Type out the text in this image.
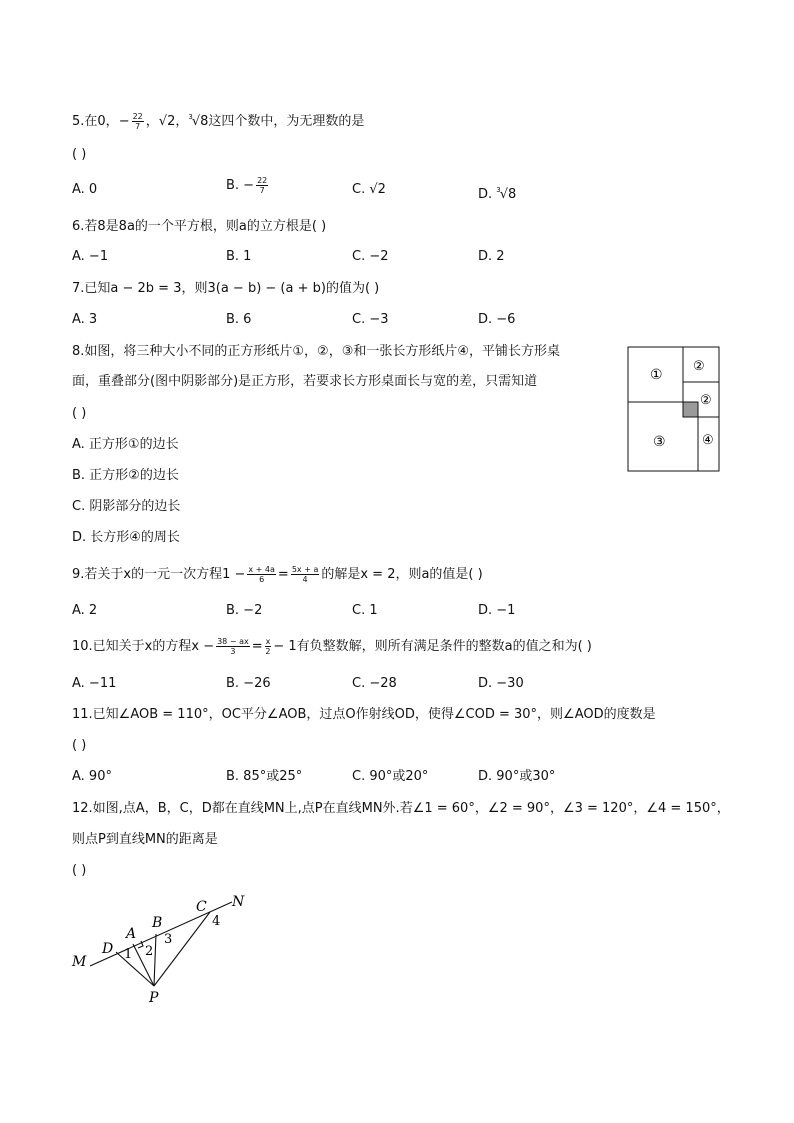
5.在0，− $\frac{22}{7}$ ，√2，$^3$√8这四个数中，为无理数的是
( )
A. 0	B. − $\frac{22}{7}$	C. √2	D. $^3$√8
6.若8是8a的一个平方根，则a的立方根是( )
A. −1	B. 1	C. −2	D. 2
7.已知a − 2b = 3，则3(a − b) − (a + b)的值为( )
A. 3	B. 6	C. −3	D. −6
8.如图，将三种大小不同的正方形纸片①，②，③和一张长方形纸片④，平铺长方形桌
面，重叠部分(图中阴影部分)是正方形，若要求长方形桌面长与宽的差，只需知道
( )
A. 正方形①的边长
B. 正方形②的边长
C. 阴影部分的边长
D. 长方形④的周长
①
②
②
③	④
9.若关于x的一元一次方程$1 - \frac{x + 4a}{6} = \frac{5x + a}{4}$ 的解是x = 2，则a的值是( )
A. 2	B. −2	C. 1	D. −1
10.已知关于x的方程$x - \frac{38 - ax}{3} = \frac{x}{2} - 1$有负整数解，则所有满足条件的整数a的值之和为( )
A. −11	B. −26	C. −28	D. −30
11.已知∠AOB = 110°，OC平分∠AOB，过点O作射线OD，使得∠COD = 30°，则∠AOD的度数是
( )
A. 90°	B. 85°或25°	C. 90°或20°	D. 90°或30°
12.如图,点A，B，C，D都在直线MN上,点P在直线MN外.若∠1 = 60°，∠2 = 90°，∠3 = 120°，∠4 = 150°，
则点P到直线MN的距离是
( )
M
N
D
A
B
C
P
1 2
3
4
